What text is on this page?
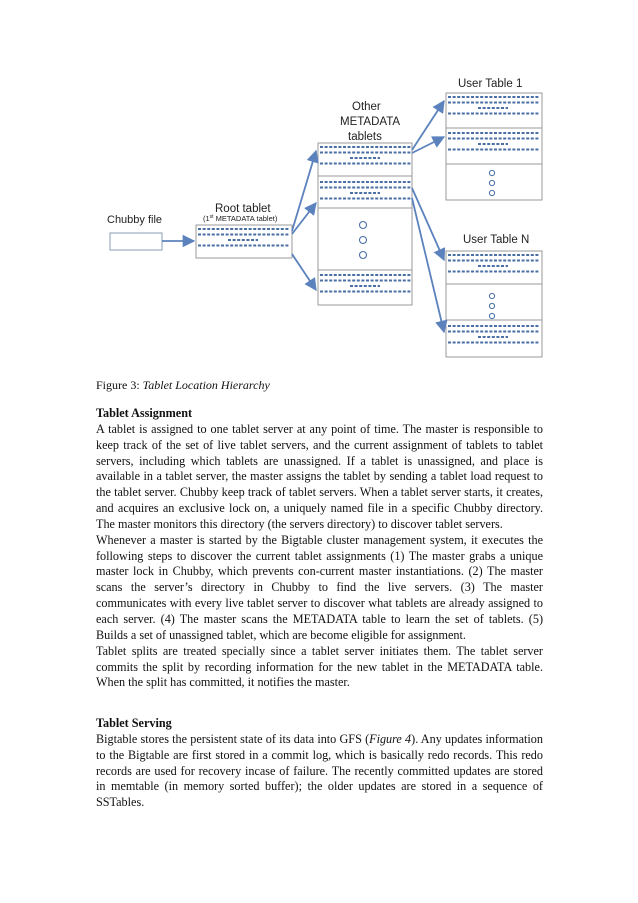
Chubby file
Root tablet
(1st METADATA tablet)
Other
METADATA
tablets
User Table 1
User Table N
Figure 3: Tablet Location Hierarchy
Tablet Assignment

A tablet is assigned to one tablet server at any point of time. The master is responsible to keep track of the set of live tablet servers, and the current assignment of tablets to tablet servers, including which tablets are unassigned. If a tablet is unassigned, and place is available in a tablet server, the master assigns the tablet by sending a tablet load request to the tablet server. Chubby keep track of tablet servers. When a tablet server starts, it creates, and acquires an exclusive lock on, a uniquely named file in a specific Chubby directory. The master monitors this directory (the servers directory) to discover tablet servers.

Whenever a master is started by the Bigtable cluster management system, it executes the following steps to discover the current tablet assignments (1) The master grabs a unique master lock in Chubby, which prevents con-current master instantiations. (2) The master scans the server’s directory in Chubby to find the live servers. (3) The master communicates with every live tablet server to discover what tablets are already assigned to each server. (4) The master scans the METADATA table to learn the set of tablets. (5) Builds a set of unassigned tablet, which are become eligible for assignment.

Tablet splits are treated specially since a tablet server initiates them. The tablet server commits the split by recording information for the new tablet in the METADATA table. When the split has committed, it notifies the master.

Tablet Serving

Bigtable stores the persistent state of its data into GFS (Figure 4). Any updates information to the Bigtable are first stored in a commit log, which is basically redo records. This redo records are used for recovery incase of failure. The recently committed updates are stored in memtable (in memory sorted buffer); the older updates are stored in a sequence of SSTables.
